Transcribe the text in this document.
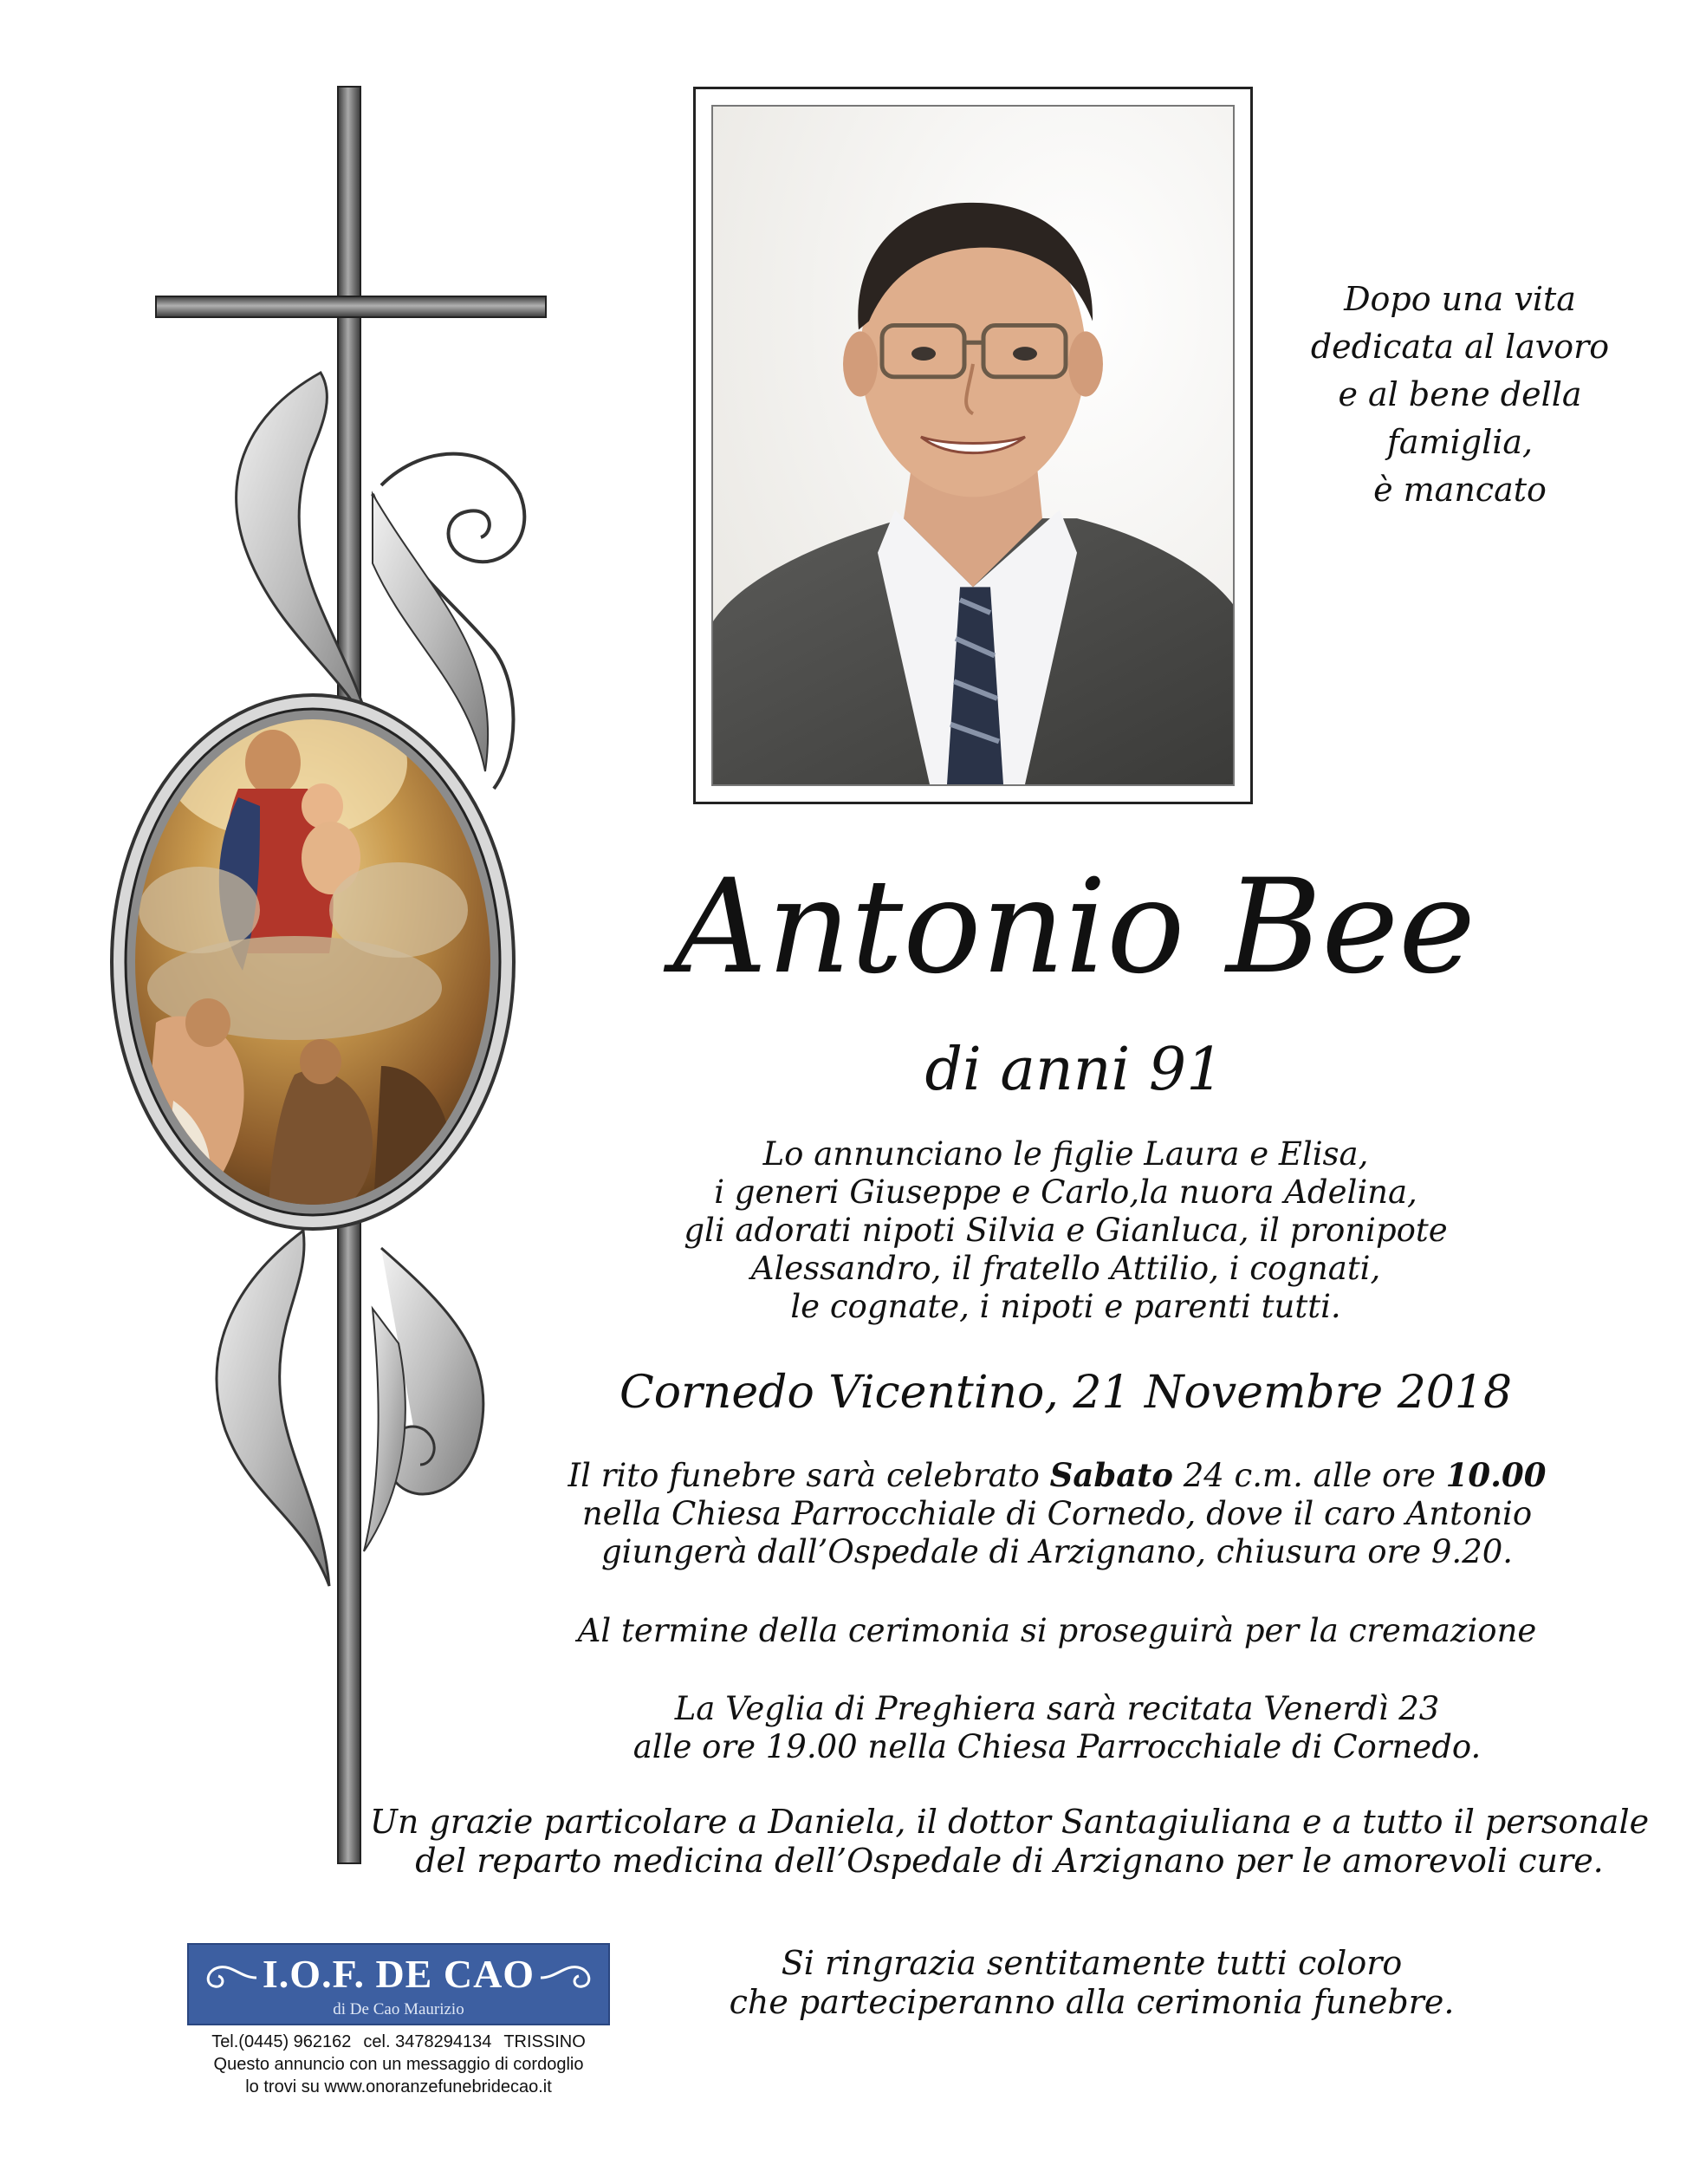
Dopo una vita
dedicata al lavoro
e al bene della
famiglia,
è mancato
Antonio Bee
di anni 91
Lo annunciano le figlie Laura e Elisa,
i generi Giuseppe e Carlo,la nuora Adelina,
gli adorati nipoti Silvia e Gianluca, il pronipote
Alessandro, il fratello Attilio, i cognati,
le cognate, i nipoti e parenti tutti.
Cornedo Vicentino, 21 Novembre 2018
Il rito funebre sarà celebrato Sabato 24 c.m. alle ore 10.00
nella Chiesa Parrocchiale di Cornedo, dove il caro Antonio
giungerà dall’Ospedale di Arzignano, chiusura ore 9.20.
Al termine della cerimonia si proseguirà per la cremazione
La Veglia di Preghiera sarà recitata Venerdì 23
alle ore 19.00 nella Chiesa Parrocchiale di Cornedo.
Un grazie particolare a Daniela, il dottor Santagiuliana e a tutto il personale
del reparto medicina dell’Ospedale di Arzignano per le amorevoli cure.
Si ringrazia sentitamente tutti coloro
che parteciperanno alla cerimonia funebre.
I.O.F. DE CAO
di De Cao Maurizio
Tel.(0445) 962162 cel. 3478294134 TRISSINO
Questo annuncio con un messaggio di cordoglio
lo trovi su www.onoranzefunebridecao.it
